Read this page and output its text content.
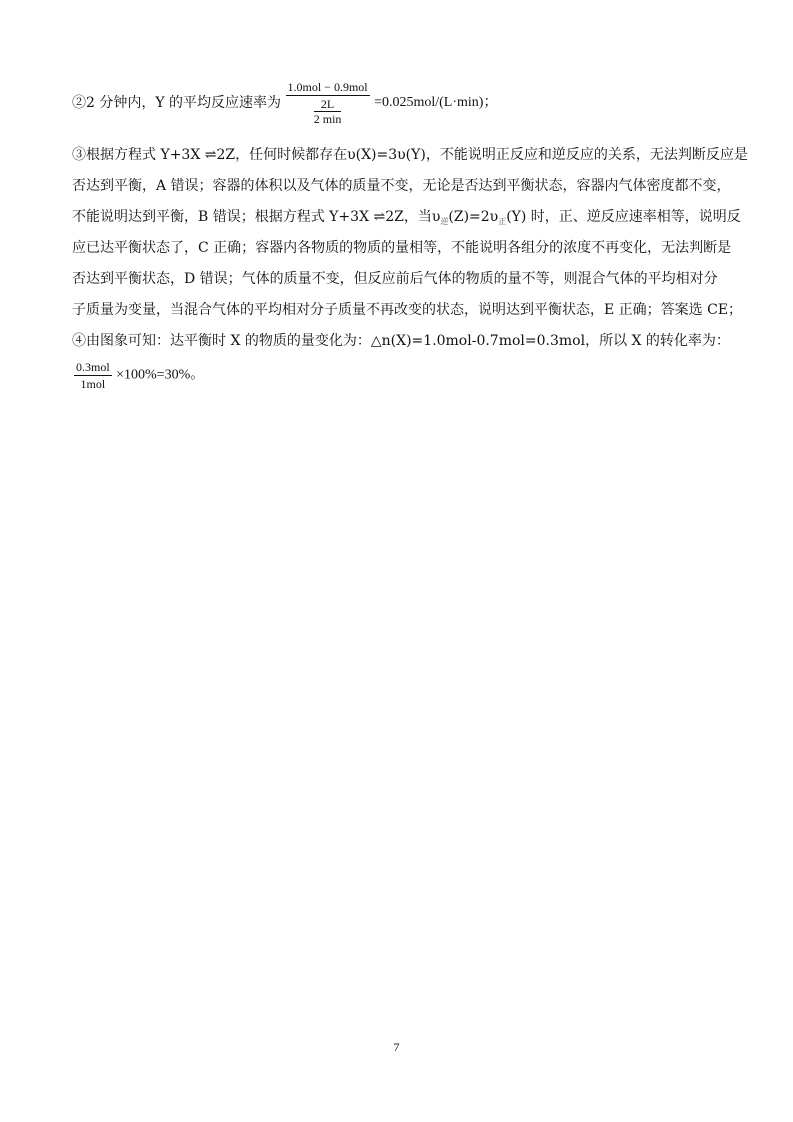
②2 分钟内，Y 的平均反应速率为 1.0mol − 0.9mol
2L
2 min =0.025mol/(L·min)；
③根据方程式 Y+3X ⇌2Z，任何时候都存在υ(X)=3υ(Y)，不能说明正反应和逆反应的关系，无法判断反应是
否达到平衡，A 错误；容器的体积以及气体的质量不变，无论是否达到平衡状态，容器内气体密度都不变，
不能说明达到平衡，B 错误；根据方程式 Y+3X ⇌2Z，当$\upsilon_逆(Z)=2\upsilon_正(Y)$ 时，正、逆反应速率相等，说明反
应已达平衡状态了，C 正确；容器内各物质的物质的量相等，不能说明各组分的浓度不再变化，无法判断是
否达到平衡状态，D 错误；气体的质量不变，但反应前后气体的物质的量不等，则混合气体的平均相对分
子质量为变量，当混合气体的平均相对分子质量不再改变的状态，说明达到平衡状态，E 正确；答案选 CE；
④由图象可知：达平衡时 X 的物质的量变化为：△n(X)=1.0mol-0.7mol=0.3mol，所以 X 的转化率为：
$\frac{\text{0.3mol}}{\text{1mol}} \times 100\%=30\%$。
7
